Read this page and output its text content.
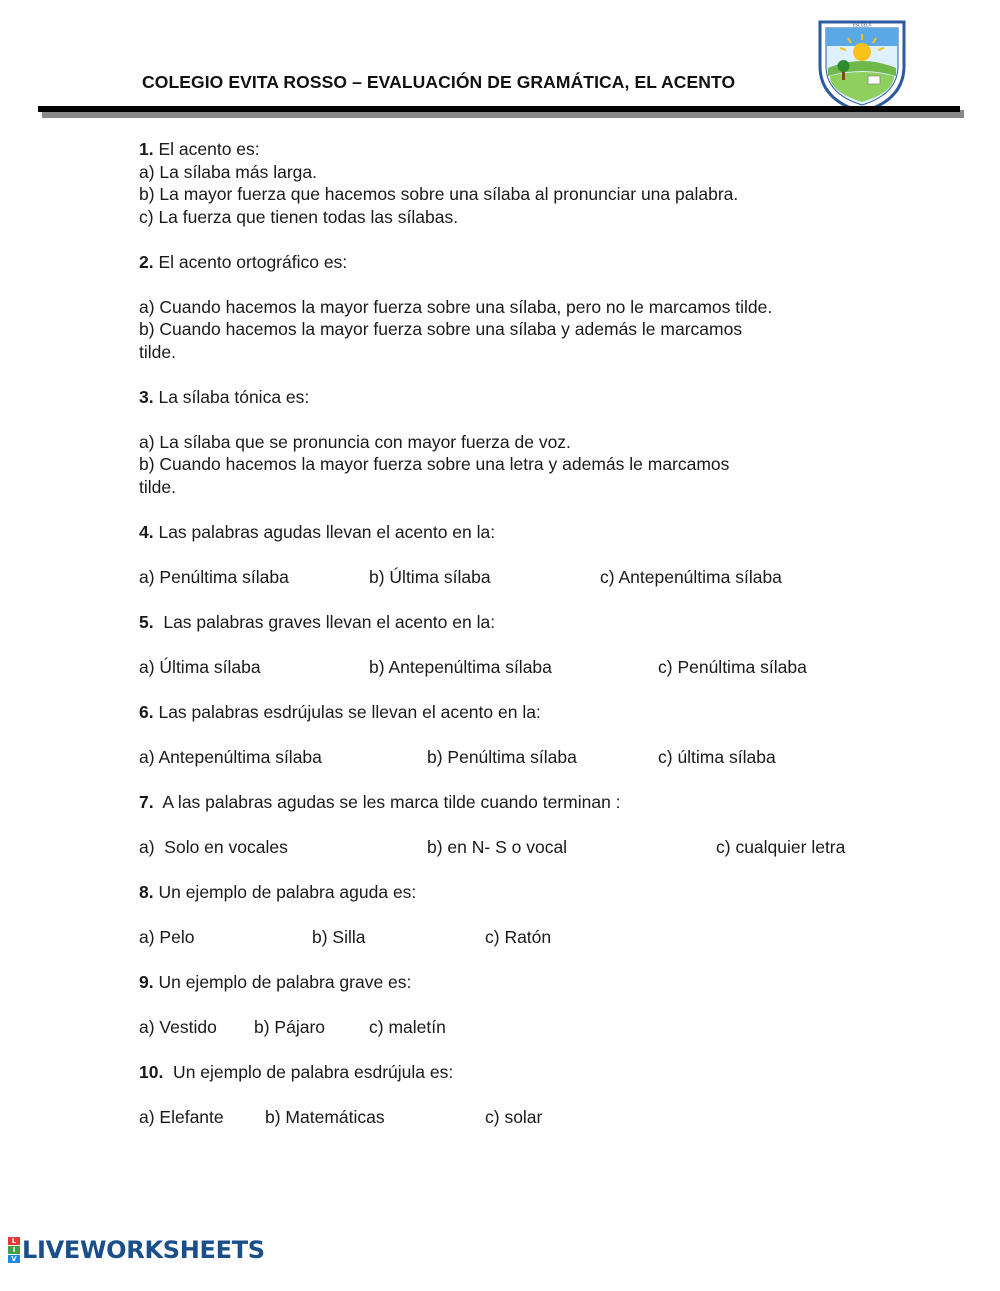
COLEGIO EVITA ROSSO – EVALUACIÓN DE GRAMÁTICA, EL ACENTO
ESCUELA
1. El acento es:
a) La sílaba más larga.
b) La mayor fuerza que hacemos sobre una sílaba al pronunciar una palabra.
c) La fuerza que tienen todas las sílabas.
2. El acento ortográfico es:
a) Cuando hacemos la mayor fuerza sobre una sílaba, pero no le marcamos tilde.
b) Cuando hacemos la mayor fuerza sobre una sílaba y además le marcamos
tilde.
3. La sílaba tónica es:
a) La sílaba que se pronuncia con mayor fuerza de voz.
b) Cuando hacemos la mayor fuerza sobre una letra y además le marcamos
tilde.
4. Las palabras agudas llevan el acento en la:
a) Penúltima sílaba	b) Última sílaba	c) Antepenúltima sílaba
5.  Las palabras graves llevan el acento en la:
a) Última sílaba	b) Antepenúltima sílaba	c) Penúltima sílaba
6. Las palabras esdrújulas se llevan el acento en la:
a) Antepenúltima sílaba	b) Penúltima sílaba	c) última sílaba
7.  A las palabras agudas se les marca tilde cuando terminan :
a)  Solo en vocales	b) en N- S o vocal	c) cualquier letra
8. Un ejemplo de palabra aguda es:
a) Pelo	b) Silla	c) Ratón
9. Un ejemplo de palabra grave es:
a) Vestido b) Pájaro	c) maletín
10.  Un ejemplo de palabra esdrújula es:
a) Elefante b) Matemáticas	c) solar
L
I
V LIVEWORKSHEETS
